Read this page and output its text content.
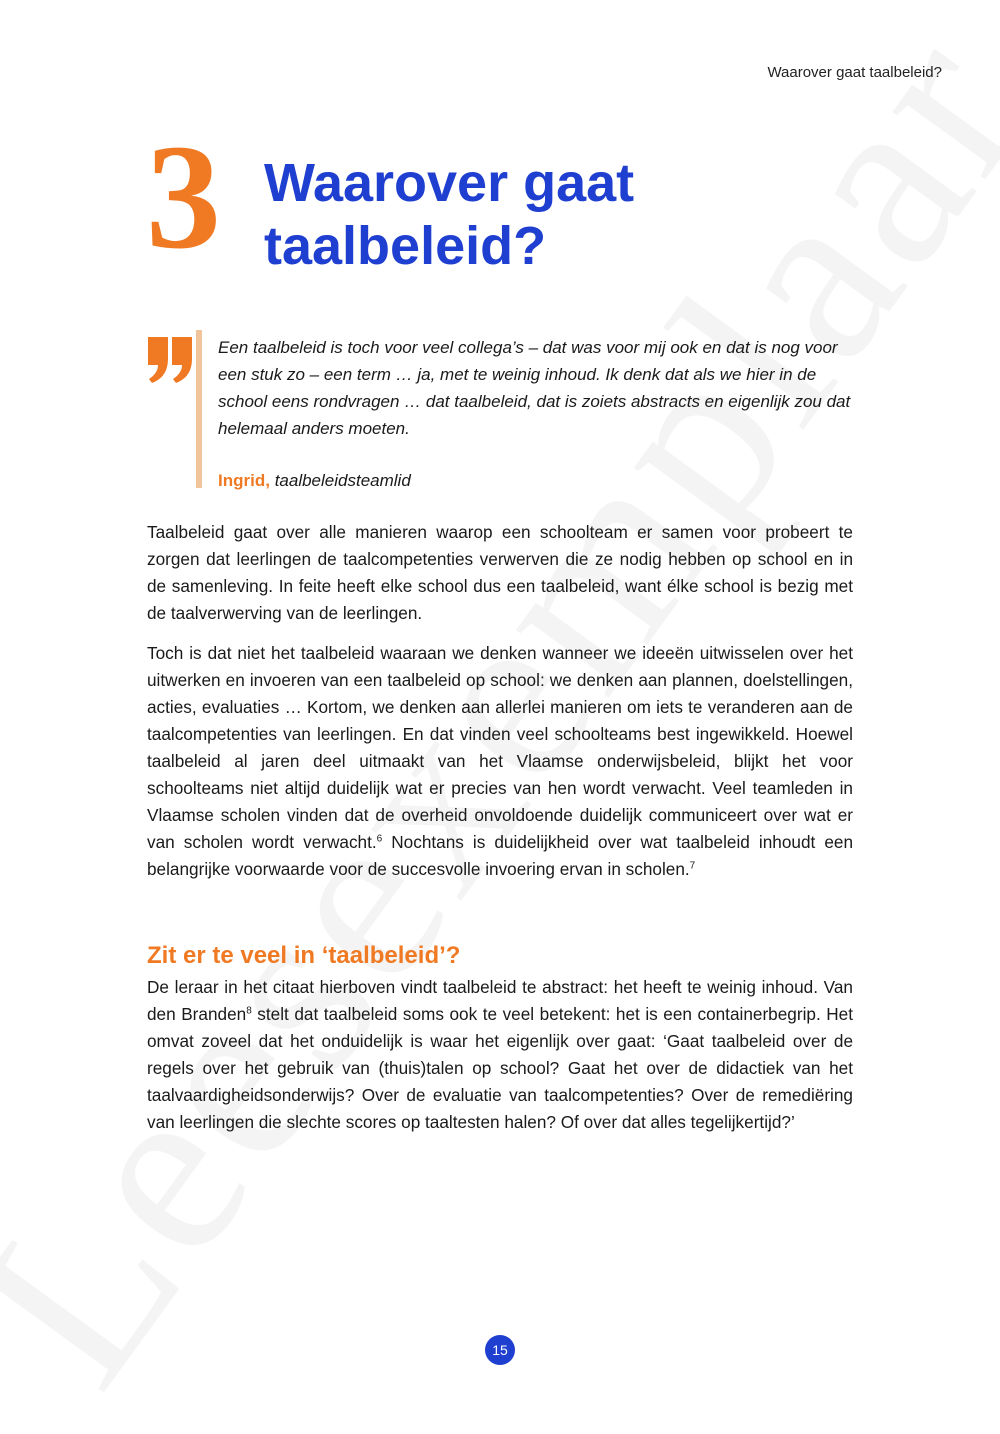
Waarover gaat taalbeleid?
3 Waarover gaat
taalbeleid?

Een taalbeleid is toch voor veel collega’s – dat was voor mij ook en dat is nog voor een stuk zo – een term … ja, met te weinig inhoud. Ik denk dat als we hier in de school eens rondvragen … dat taalbeleid, dat is zoiets abstracts en eigenlijk zou dat helemaal anders moeten.

Ingrid, taalbeleidsteamlid

Taalbeleid gaat over alle manieren waarop een schoolteam er samen voor probeert te zorgen dat leerlingen de taalcompetenties verwerven die ze nodig hebben op school en in de samenleving. In feite heeft elke school dus een taalbeleid, want élke school is bezig met de taalverwerving van de leerlingen.

Toch is dat niet het taalbeleid waaraan we denken wanneer we ideeën uitwisselen over het uitwerken en invoeren van een taalbeleid op school: we denken aan plannen, doelstellingen, acties, evaluaties … Kortom, we denken aan allerlei manieren om iets te veranderen aan de taalcompetenties van leerlingen. En dat vinden veel schoolteams best ingewikkeld. Hoewel taalbeleid al jaren deel uitmaakt van het Vlaamse onderwijsbeleid, blijkt het voor schoolteams niet altijd duidelijk wat er precies van hen wordt verwacht. Veel teamleden in Vlaamse scholen vinden dat de overheid onvoldoende duidelijk communiceert over wat er van scholen wordt verwacht.$^6$ Nochtans is duidelijkheid over wat taalbeleid inhoudt een belangrijke voorwaarde voor de succesvolle invoering ervan in scholen.$^7$

Zit er te veel in ‘taalbeleid’?

De leraar in het citaat hierboven vindt taalbeleid te abstract: het heeft te weinig inhoud. Van den Branden$^8$ stelt dat taalbeleid soms ook te veel betekent: het is een containerbegrip. Het omvat zoveel dat het onduidelijk is waar het eigenlijk over gaat: ‘Gaat taalbeleid over de regels over het gebruik van (thuis)talen op school? Gaat het over de didactiek van het taalvaardigheidsonderwijs? Over de evaluatie van taalcompetenties? Over de remediëring van leerlingen die slechte scores op taaltesten halen? Of over dat alles tegelijkertijd?’

15
